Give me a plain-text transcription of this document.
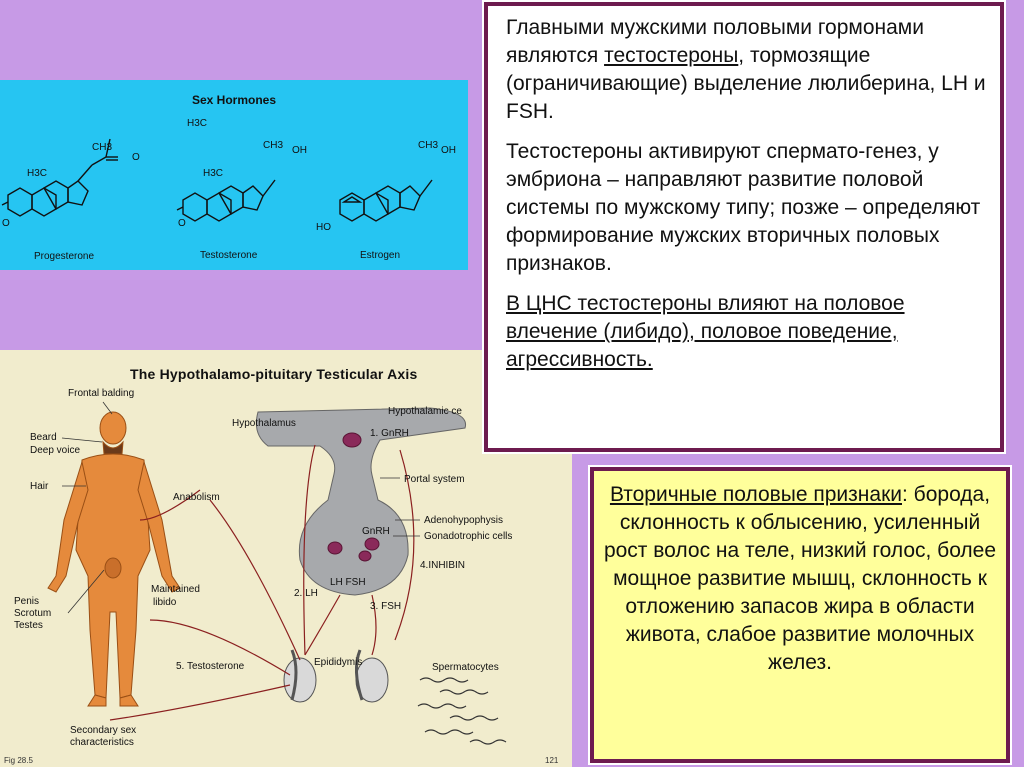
Sex Hormones
H3C
CH3
H3C
O
O
CH3 OH
H3C
O
CH3 OH
HO
Progesterone	Testosterone	Estrogen
The Hypothalamo-pituitary Testicular Axis
Frontal balding
Beard
Deep voice
Hair
Anabolism
Penis
Scrotum
Testes
Maintained
libido
Secondary sex
characteristics
Hypothalamus
Hypothalamic ce
1. GnRH
Portal system
GnRH
Adenohypophysis
Gonadotrophic cells
4.INHIBIN
LH FSH
2. LH
3. FSH
5. Testosterone	Epididymis	Spermatocytes
Fig 28.5	121

Главными мужскими половыми гормонами являются тестостероны, тормозящие (ограничивающие) выделение люлиберина, LH и FSH.

Тестостероны активируют спермато-генез, у эмбриона – направляют развитие половой системы по мужскому типу; позже – определяют формирование мужских вторичных половых признаков.

В ЦНС тестостероны влияют на половое влечение (либидо), половое поведение, агрессивность.

Вторичные половые признаки: борода, склонность к облысению, усиленный рост волос на теле, низкий голос, более мощное развитие мышц, склонность к отложению запасов жира в области живота, слабое развитие молочных желез.
